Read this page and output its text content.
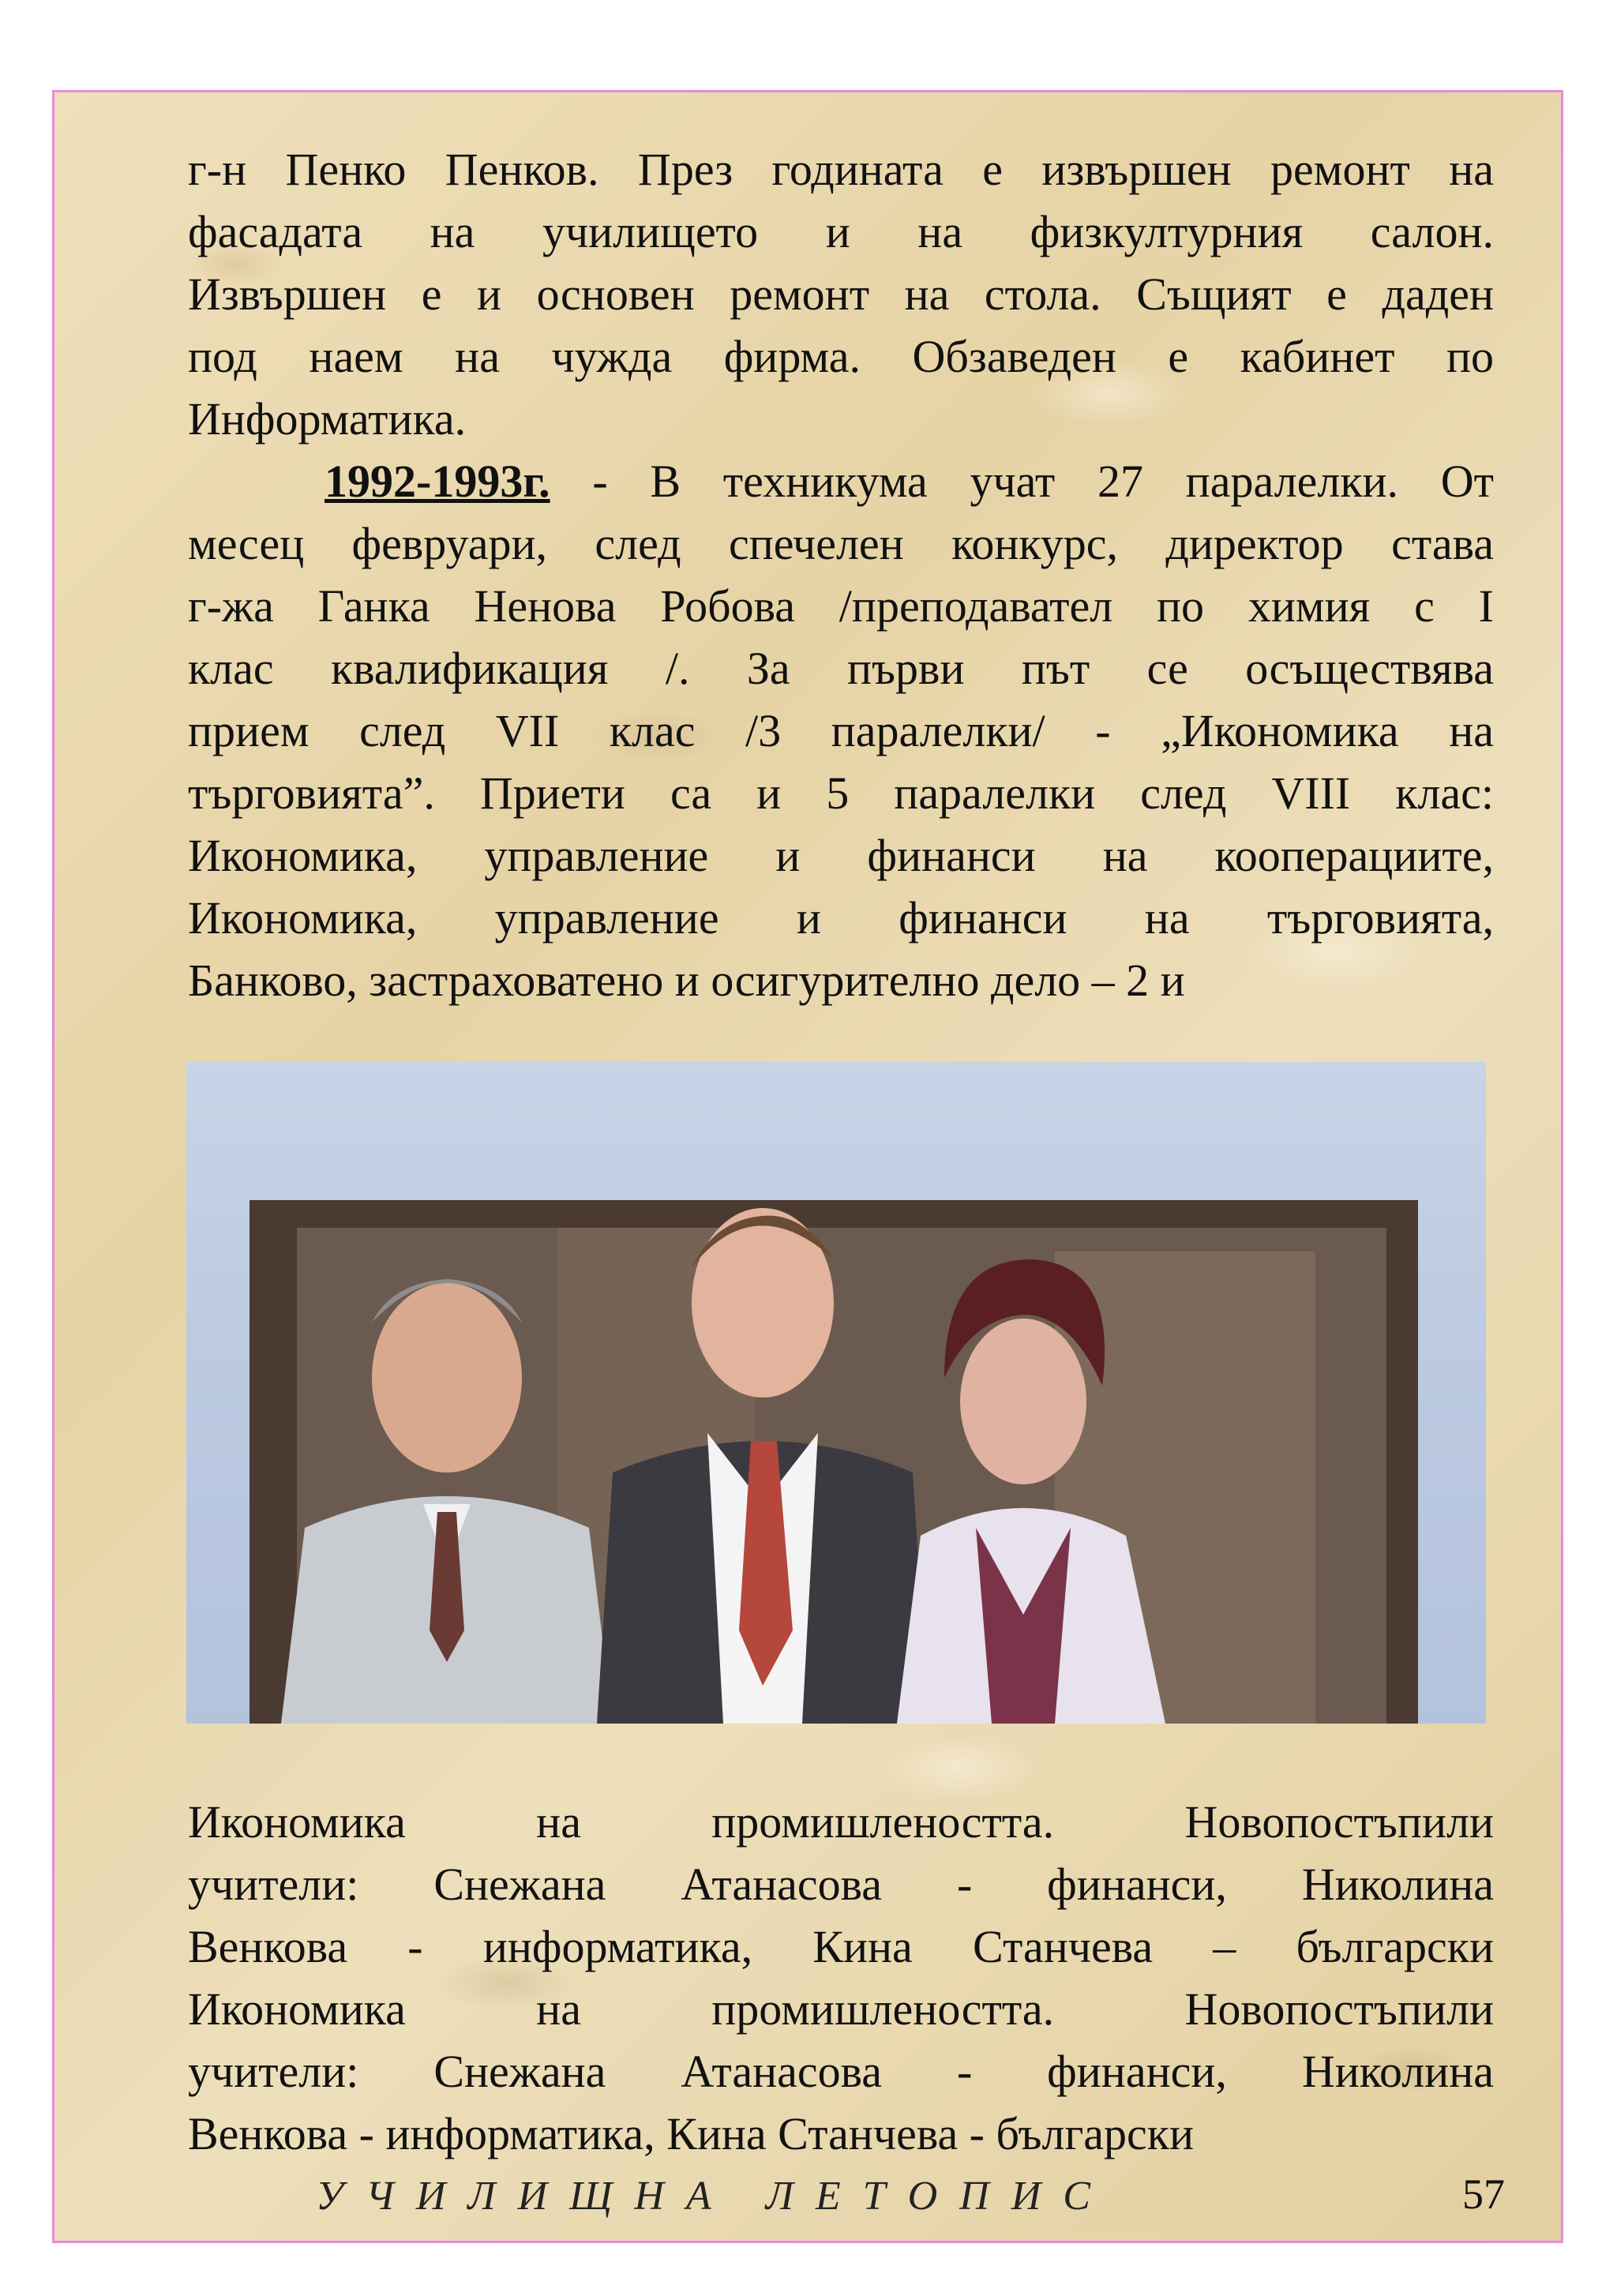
г-н Пенко Пенков. През годината е извършен ремонт на
фасадата на училището и на физкултурния салон.
Извършен е и основен ремонт на стола. Същият е даден
под наем на чужда фирма. Обзаведен е кабинет по
Информатика.
1992-1993г. - В техникума учат 27 паралелки. От
месец февруари, след спечелен конкурс, директор става
г-жа Ганка Ненова Робова /преподавател по химия с I
клас квалификация /. За първи път се осъществява
прием след VII клас /3 паралелки/ - „Икономика на
търговията”. Приети са и 5 паралелки след VIII клас:
Икономика, управление и финанси на кооперациите,
Икономика, управление и финанси на търговията,
Банково, застраховатено и осигурително дело – 2 и
Икономика на промишлеността. Новопостъпили
учители: Снежана Атанасова - финанси, Николина
Венкова - информатика, Кина Станчева – български
Икономика на промишлеността. Новопостъпили
учители: Снежана Атанасова - финанси, Николина
Венкова - информатика, Кина Станчева - български
УЧИЛИЩНА ЛЕТОПИС	57
